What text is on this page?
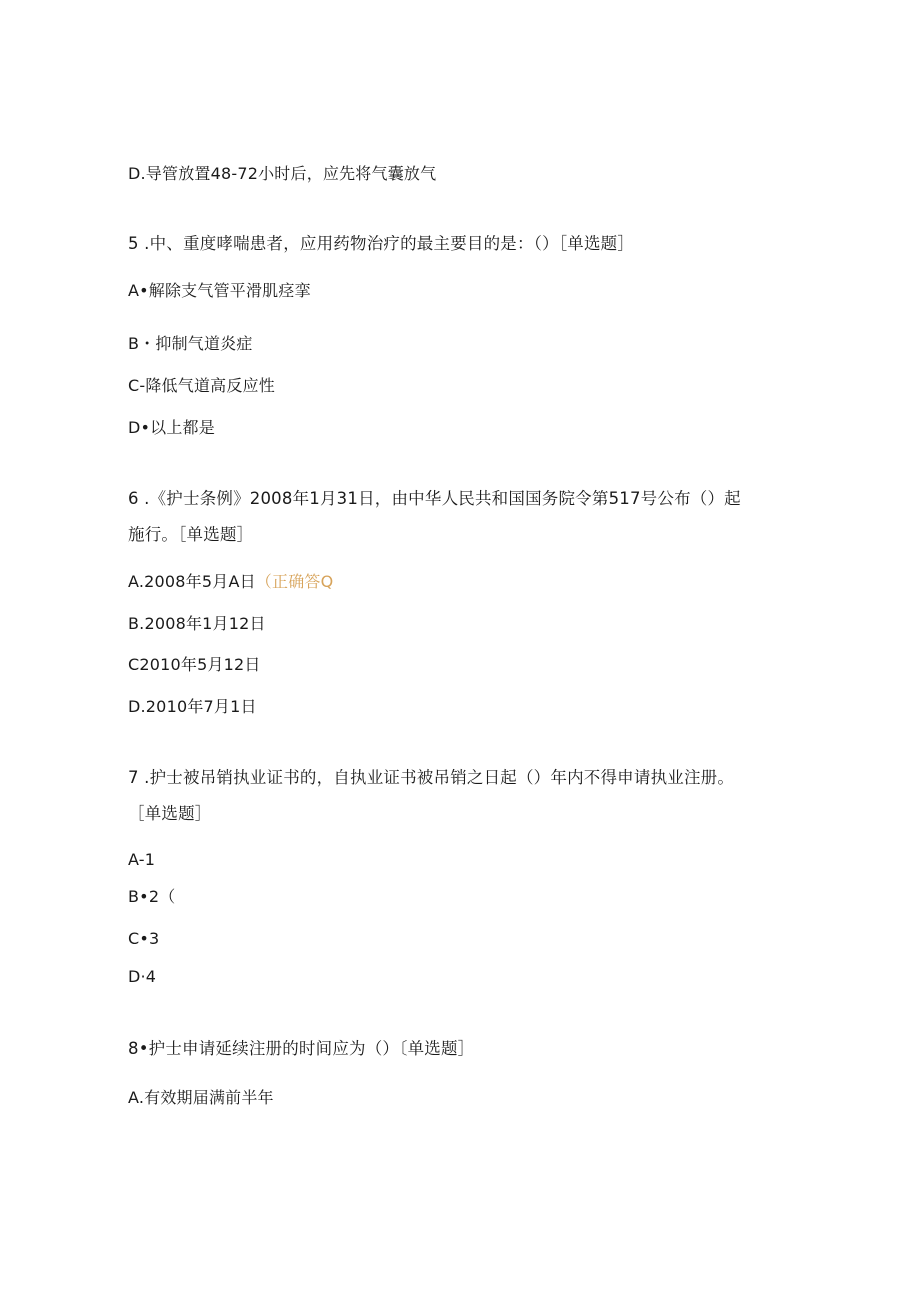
D.导管放置48-72小时后，应先将气囊放气
5 .中、重度哮喘患者，应用药物治疗的最主要目的是：（）［单选题］
A•解除支气管平滑肌痉挛
B・抑制气道炎症
C-降低气道高反应性
D•以上都是
6 .《护士条例》2008年1月31日，由中华人民共和国国务院令第517号公布（）起
施行。［单选题］
A.2008年5月A日（正确答Q
B.2008年1月12日
C2010年5月12日
D.2010年7月1日
7 .护士被吊销执业证书的，自执业证书被吊销之日起（）年内不得申请执业注册。
［单选题］
A-1
B•2（
C•3
D·4
8•护士申请延续注册的时间应为（）〔单选题］
A.有效期届满前半年
